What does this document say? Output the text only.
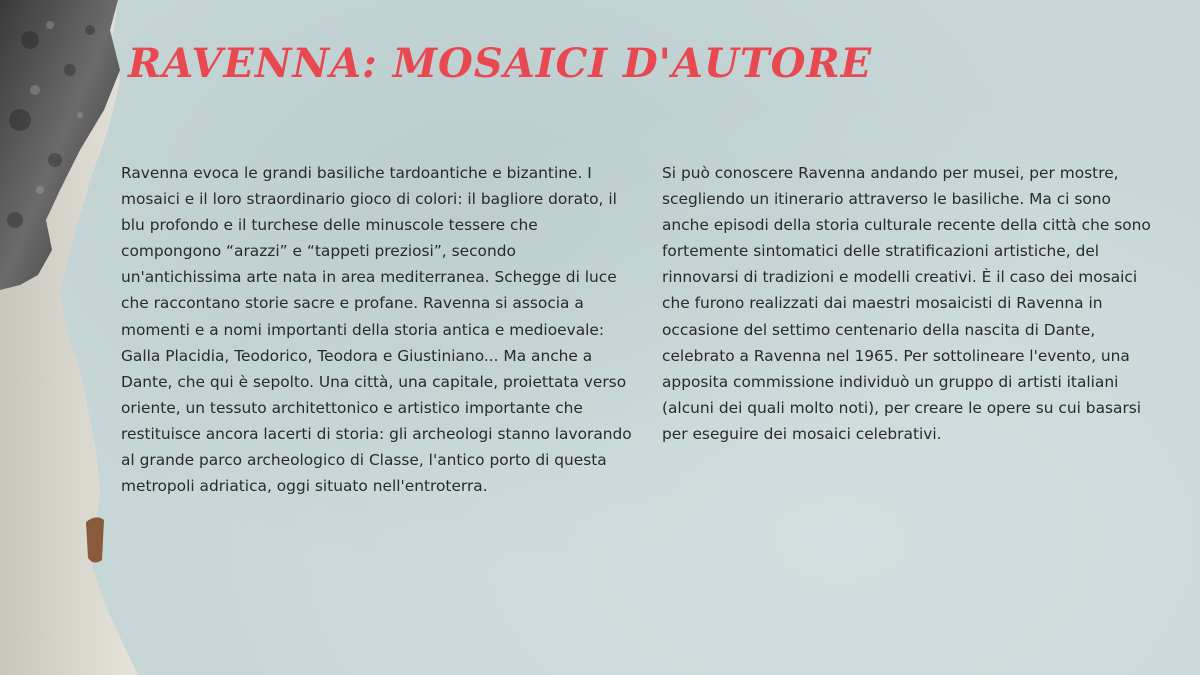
RAVENNA: MOSAICI D'AUTORE

Ravenna evoca le grandi basiliche tardoantiche e bizantine. I mosaici e il loro straordinario gioco di colori: il bagliore dorato, il blu profondo e il turchese delle minuscole tessere che compongono “arazzi” e “tappeti preziosi”, secondo un'antichissima arte nata in area mediterranea. Schegge di luce che raccontano storie sacre e profane. Ravenna si associa a momenti e a nomi importanti della storia antica e medioevale: Galla Placidia, Teodorico, Teodora e Giustiniano... Ma anche a Dante, che qui è sepolto. Una città, una capitale, proiettata verso oriente, un tessuto architettonico e artistico importante che restituisce ancora lacerti di storia: gli archeologi stanno lavorando al grande parco archeologico di Classe, l'antico porto di questa metropoli adriatica, oggi situato nell'entroterra.

Si può conoscere Ravenna andando per musei, per mostre, scegliendo un itinerario attraverso le basiliche. Ma ci sono anche episodi della storia culturale recente della città che sono fortemente sintomatici delle stratificazioni artistiche, del rinnovarsi di tradizioni e modelli creativi. È il caso dei mosaici che furono realizzati dai maestri mosaicisti di Ravenna in occasione del settimo centenario della nascita di Dante, celebrato a Ravenna nel 1965. Per sottolineare l'evento, una apposita commissione individuò un gruppo di artisti italiani (alcuni dei quali molto noti), per creare le opere su cui basarsi per eseguire dei mosaici celebrativi.
